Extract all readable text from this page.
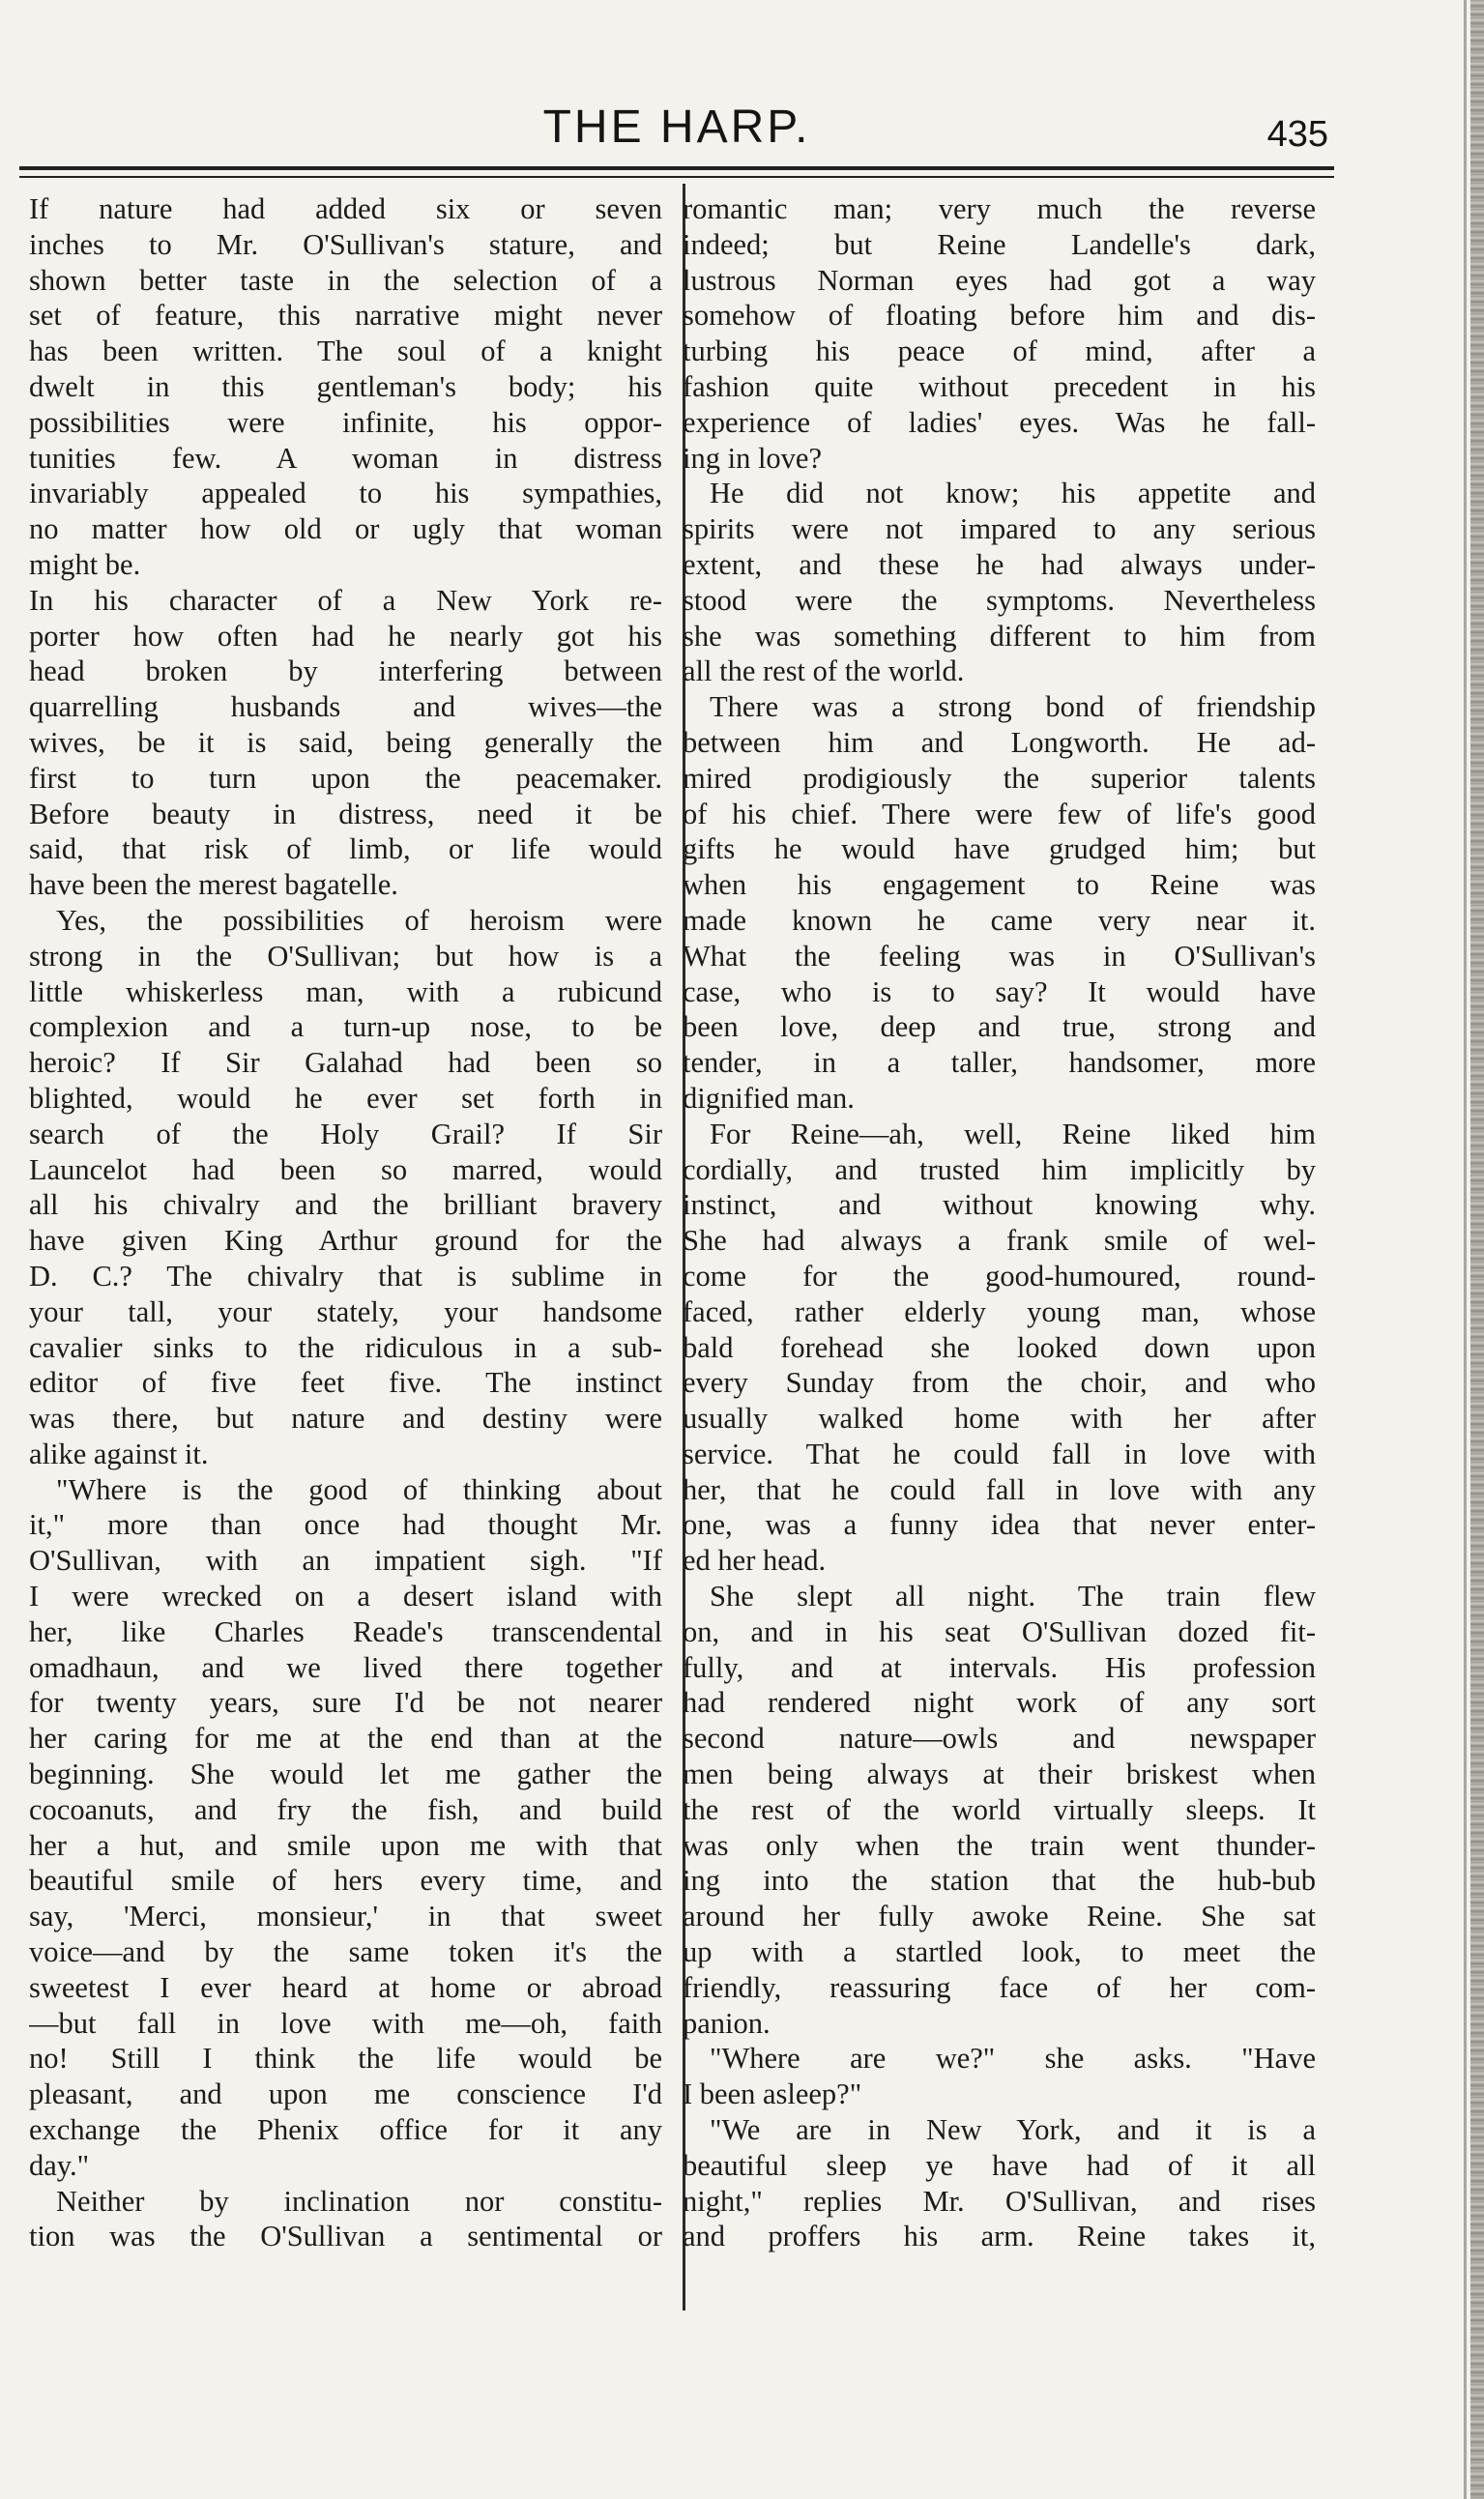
THE HARP.	435
If nature had added six or seven
inches to Mr. O'Sullivan's stature, and
shown better taste in the selection of a
set of feature, this narrative might never
has been written. The soul of a knight
dwelt in this gentleman's body; his
possibilities were infinite, his oppor-
tunities few. A woman in distress
invariably appealed to his sympathies,
no matter how old or ugly that woman
might be.
In his character of a New York re-
porter how often had he nearly got his
head broken by interfering between
quarrelling husbands and wives—the
wives, be it is said, being generally the
first to turn upon the peacemaker.
Before beauty in distress, need it be
said, that risk of limb, or life would
have been the merest bagatelle.
Yes, the possibilities of heroism were
strong in the O'Sullivan; but how is a
little whiskerless man, with a rubicund
complexion and a turn-up nose, to be
heroic? If Sir Galahad had been so
blighted, would he ever set forth in
search of the Holy Grail? If Sir
Launcelot had been so marred, would
all his chivalry and the brilliant bravery
have given King Arthur ground for the
D. C.? The chivalry that is sublime in
your tall, your stately, your handsome
cavalier sinks to the ridiculous in a sub-
editor of five feet five. The instinct
was there, but nature and destiny were
alike against it.
"Where is the good of thinking about
it," more than once had thought Mr.
O'Sullivan, with an impatient sigh. "If
I were wrecked on a desert island with
her, like Charles Reade's transcendental
omadhaun, and we lived there together
for twenty years, sure I'd be not nearer
her caring for me at the end than at the
beginning. She would let me gather the
cocoanuts, and fry the fish, and build
her a hut, and smile upon me with that
beautiful smile of hers every time, and
say, 'Merci, monsieur,' in that sweet
voice—and by the same token it's the
sweetest I ever heard at home or abroad
—but fall in love with me—oh, faith
no! Still I think the life would be
pleasant, and upon me conscience I'd
exchange the Phenix office for it any
day."
Neither by inclination nor constitu-
tion was the O'Sullivan a sentimental or
romantic man; very much the reverse
indeed; but Reine Landelle's dark,
lustrous Norman eyes had got a way
somehow of floating before him and dis-
turbing his peace of mind, after a
fashion quite without precedent in his
experience of ladies' eyes. Was he fall-
ing in love?
He did not know; his appetite and
spirits were not impared to any serious
extent, and these he had always under-
stood were the symptoms. Nevertheless
she was something different to him from
all the rest of the world.
There was a strong bond of friendship
between him and Longworth. He ad-
mired prodigiously the superior talents
of his chief. There were few of life's good
gifts he would have grudged him; but
when his engagement to Reine was
made known he came very near it.
What the feeling was in O'Sullivan's
case, who is to say? It would have
been love, deep and true, strong and
tender, in a taller, handsomer, more
dignified man.
For Reine—ah, well, Reine liked him
cordially, and trusted him implicitly by
instinct, and without knowing why.
She had always a frank smile of wel-
come for the good-humoured, round-
faced, rather elderly young man, whose
bald forehead she looked down upon
every Sunday from the choir, and who
usually walked home with her after
service. That he could fall in love with
her, that he could fall in love with any
one, was a funny idea that never enter-
ed her head.
She slept all night. The train flew
on, and in his seat O'Sullivan dozed fit-
fully, and at intervals. His profession
had rendered night work of any sort
second nature—owls and newspaper
men being always at their briskest when
the rest of the world virtually sleeps. It
was only when the train went thunder-
ing into the station that the hub-bub
around her fully awoke Reine. She sat
up with a startled look, to meet the
friendly, reassuring face of her com-
panion.
"Where are we?" she asks. "Have
I been asleep?"
"We are in New York, and it is a
beautiful sleep ye have had of it all
night," replies Mr. O'Sullivan, and rises
and proffers his arm. Reine takes it,
